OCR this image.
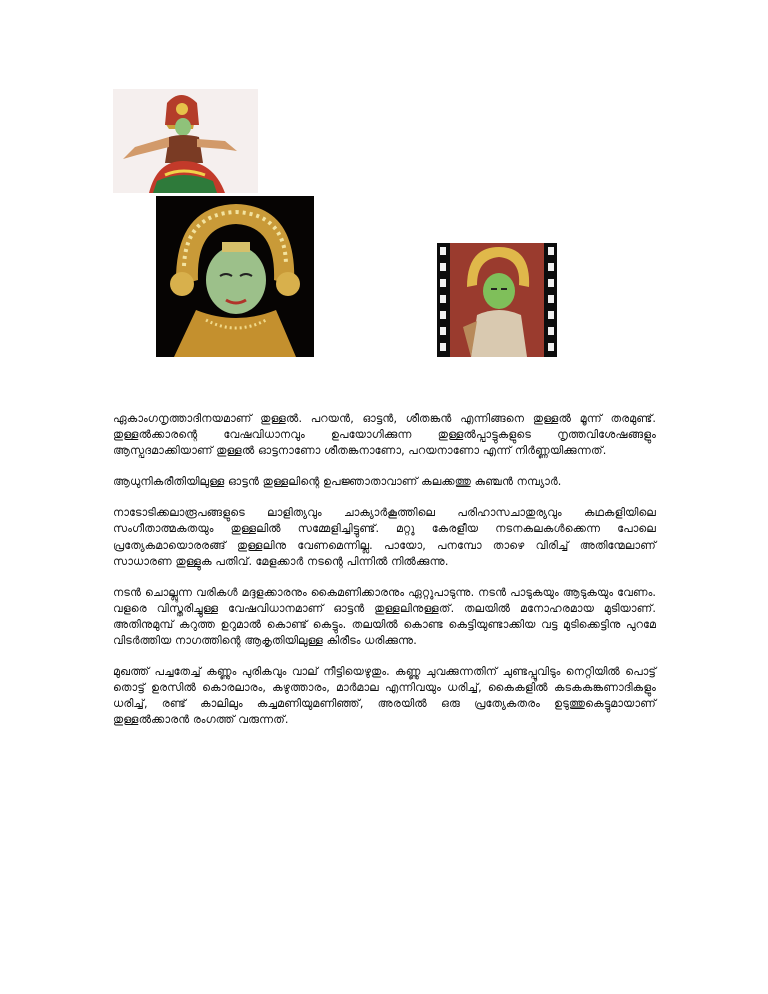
ഏകാംഗനൃത്താദിനയമാണ് തുള്ളൽ. പറയൻ, ഓട്ടൻ, ശീതങ്കൻ എന്നിങ്ങനെ തുള്ളൽ മൂന്ന് തരമുണ്ട്. തുള്ളൽക്കാരന്റെ വേഷവിധാനവും ഉപയോഗിക്കുന്ന തുള്ളൽപ്പാട്ടുകളുടെ നൃത്തവിശേഷങ്ങളും ആസ്പദമാക്കിയാണ് തുള്ളൽ ഓട്ടനാണോ ശീതങ്കനാണോ, പറയനാണോ എന്ന് നിർണ്ണയിക്കുന്നത്.

ആധുനികരീതിയിലുള്ള ഓട്ടൻ തുള്ളലിന്റെ ഉപജ്ഞാതാവാണ് കലക്കത്തു കുഞ്ചൻ നമ്പ്യാർ.

നാടോടിക്കലാരൂപങ്ങളുടെ ലാളിത്യവും ചാക്യാർകൂത്തിലെ പരിഹാസചാതുര്യവും കഥകളിയിലെ സംഗീതാത്മകതയും തുള്ളലിൽ സമ്മേളിച്ചിട്ടുണ്ട്. മറ്റു കേരളീയ നടനകലകൾക്കെന്ന പോലെ പ്രത്യേകമായൊരരങ്ങ് തുള്ളലിനു വേണമെന്നില്ല. പായോ, പനമ്പോ താഴെ വിരിച്ച് അതിന്മേലാണ് സാധാരണ തുള്ളുക പതിവ്. മേളക്കാർ നടന്റെ പിന്നിൽ നിൽക്കുന്നു.

നടൻ ചൊല്ലുന്ന വരികൾ മദ്ദളക്കാരനും കൈമണിക്കാരനും ഏറ്റുപാടുന്നു. നടൻ പാടുകയും ആടുകയും വേണം. വളരെ വിസ്തരിച്ചുള്ള വേഷവിധാനമാണ് ഓട്ടൻ തുള്ളലിനുള്ളത്. തലയിൽ മനോഹരമായ മുടിയാണ്. അതിനുമുമ്പ് കറുത്ത ഉറുമാൽ കൊണ്ട് കെട്ടും. തലയിൽ കൊണ്ട കെട്ടിയുണ്ടാക്കിയ വട്ട മുടിക്കെട്ടിനു പുറമേ വിടർത്തിയ നാഗത്തിന്റെ ആകൃതിയിലുള്ള കിരീടം ധരിക്കുന്നു.

മുഖത്ത് പച്ചതേച്ച് കണ്ണും പുരികവും വാല് നീട്ടിയെഴുതും. കണ്ണു ചുവക്കുന്നതിന് ചുണ്ടപ്പൂവിടും നെറ്റിയിൽ പൊട്ട് തൊട്ട് ഉരസിൽ കൊരലാരം, കഴുത്താരം, മാർമാല എന്നിവയും ധരിച്ച്, കൈകളിൽ കടകകങ്കണാദികളും ധരിച്ച്, രണ്ട് കാലിലും കച്ചമണിയുമണിഞ്ഞ്, അരയിൽ ഒരു പ്രത്യേകതരം ഉടുത്തുകെട്ടുമായാണ് തുള്ളൽക്കാരൻ രംഗത്ത് വരുന്നത്.
